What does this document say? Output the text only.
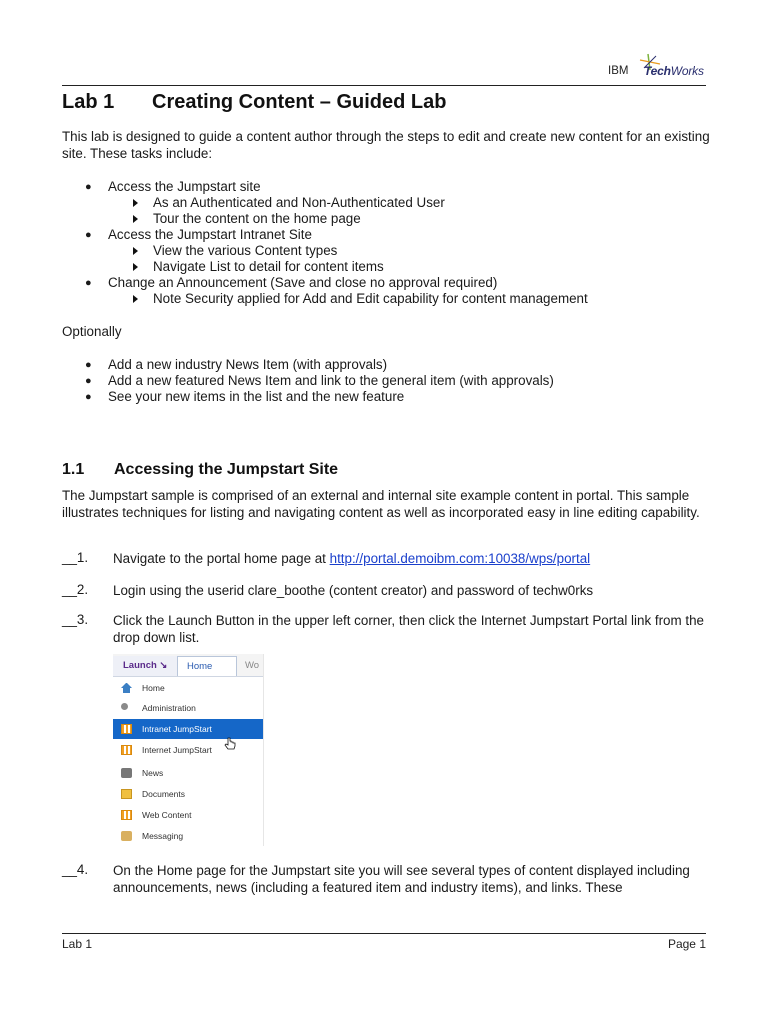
IBM TechWorks
Lab 1 Creating Content – Guided Lab
This lab is designed to guide a content author through the steps to edit and create new content for an existing site. These tasks include:
● Access the Jumpstart site
As an Authenticated and Non-Authenticated User
Tour the content on the home page
● Access the Jumpstart Intranet Site
View the various Content types
Navigate List to detail for content items
● Change an Announcement (Save and close no approval required)
Note Security applied for Add and Edit capability for content management
Optionally
● Add a new industry News Item (with approvals)
● Add a new featured News Item and link to the general item (with approvals)
● See your new items in the list and the new feature
1.1 Accessing the Jumpstart Site
The Jumpstart sample is comprised of an external and internal site example content in portal. This sample illustrates techniques for listing and navigating content as well as incorporated easy in line editing capability.
__1. Navigate to the portal home page at http://portal.demoibm.com:10038/wps/portal
__2. Login using the userid clare_boothe (content creator) and password of techw0rks
__3. Click the Launch Button in the upper left corner, then click the Internet Jumpstart Portal link from the drop down list.
Launch ↘	Home	Wo
Home
Administration
Intranet JumpStart
Internet JumpStart
News
Documents
Web Content
Messaging
__4. On the Home page for the Jumpstart site you will see several types of content displayed including announcements, news (including a featured item and industry items), and links. These
Lab 1	Page 1
